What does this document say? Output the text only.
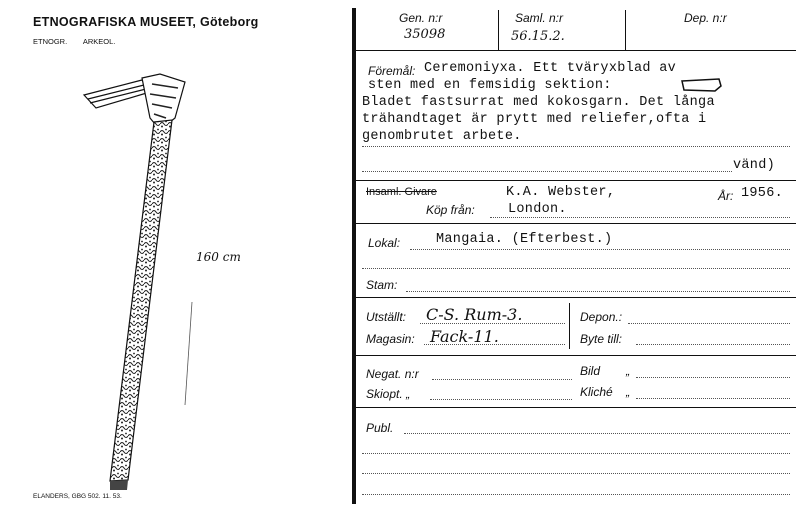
ETNOGRAFISKA MUSEET, Göteborg
ETNOGR. ARKEOL.
160 cm
ELANDERS, GBG 502. 11. 53.
Gen. n:r
35098
Saml. n:r
56.15.2.
Dep. n:r
Föremål: Ceremoniyxa. Ett tväryxblad av
sten med en femsidig sektion:
Bladet fastsurrat med kokosgarn. Det långa
trähandtaget är prytt med reliefer,ofta i
genombrutet arbete.
vänd)
Insaml. Givare	K.A. Webster,	År: 1956.
Köp från: London.
Lokal:	Mangaia. (Efterbest.)
Stam:
Utställt: C-S. Rum-3.
Magasin: Fack-11.
Depon.:
Byte till:
Negat. n:r	Bild „
Skiopt. „	Kliché „
Publ.
